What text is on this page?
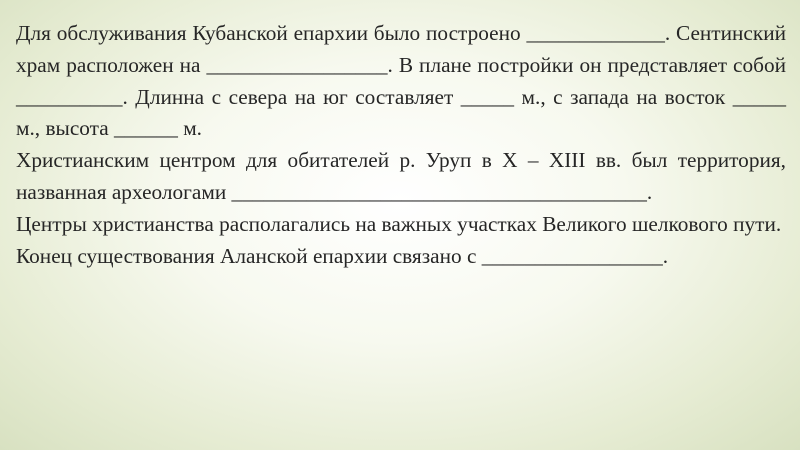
Для обслуживания Кубанской епархии было построено _____________. Сентинский храм расположен на _________________. В плане постройки он представляет собой __________. Длинна с севера на юг составляет _____ м., с запада на восток _____ м., высота ______ м.

Христианским центром для обитателей р. Уруп в X – XIII вв. был территория, названная археологами _______________________________________.

Центры христианства располагались на важных участках Великого шелкового пути.

Конец существования Аланской епархии связано с _________________.
